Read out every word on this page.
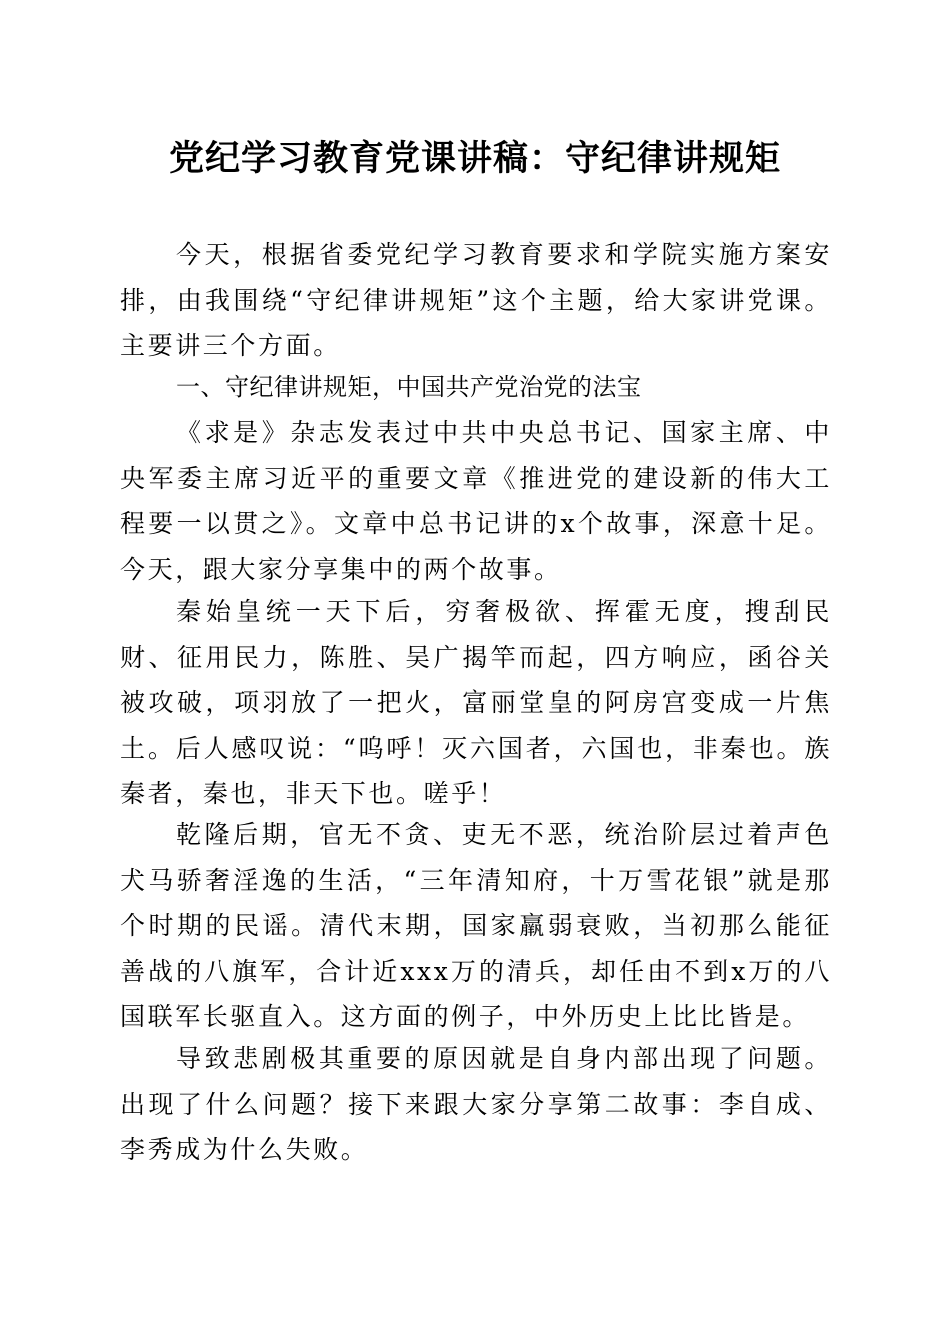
党纪学习教育党课讲稿：守纪律讲规矩

今天，根据省委党纪学习教育要求和学院实施方案安排，由我围绕“守纪律讲规矩”这个主题，给大家讲党课。主要讲三个方面。

一、守纪律讲规矩，中国共产党治党的法宝

《求是》杂志发表过中共中央总书记、国家主席、中央军委主席习近平的重要文章《推进党的建设新的伟大工程要一以贯之》。文章中总书记讲的x个故事，深意十足。今天，跟大家分享集中的两个故事。

秦始皇统一天下后，穷奢极欲、挥霍无度，搜刮民财、征用民力，陈胜、吴广揭竿而起，四方响应，函谷关被攻破，项羽放了一把火，富丽堂皇的阿房宫变成一片焦土。后人感叹说：“呜呼！灭六国者，六国也，非秦也。族秦者，秦也，非天下也。嗟乎！

乾隆后期，官无不贪、吏无不恶，统治阶层过着声色犬马骄奢淫逸的生活，“三年清知府，十万雪花银”就是那个时期的民谣。清代末期，国家羸弱衰败，当初那么能征善战的八旗军，合计近xxx万的清兵，却任由不到x万的八国联军长驱直入。这方面的例子，中外历史上比比皆是。

导致悲剧极其重要的原因就是自身内部出现了问题。出现了什么问题？接下来跟大家分享第二故事：李自成、李秀成为什么失败。
